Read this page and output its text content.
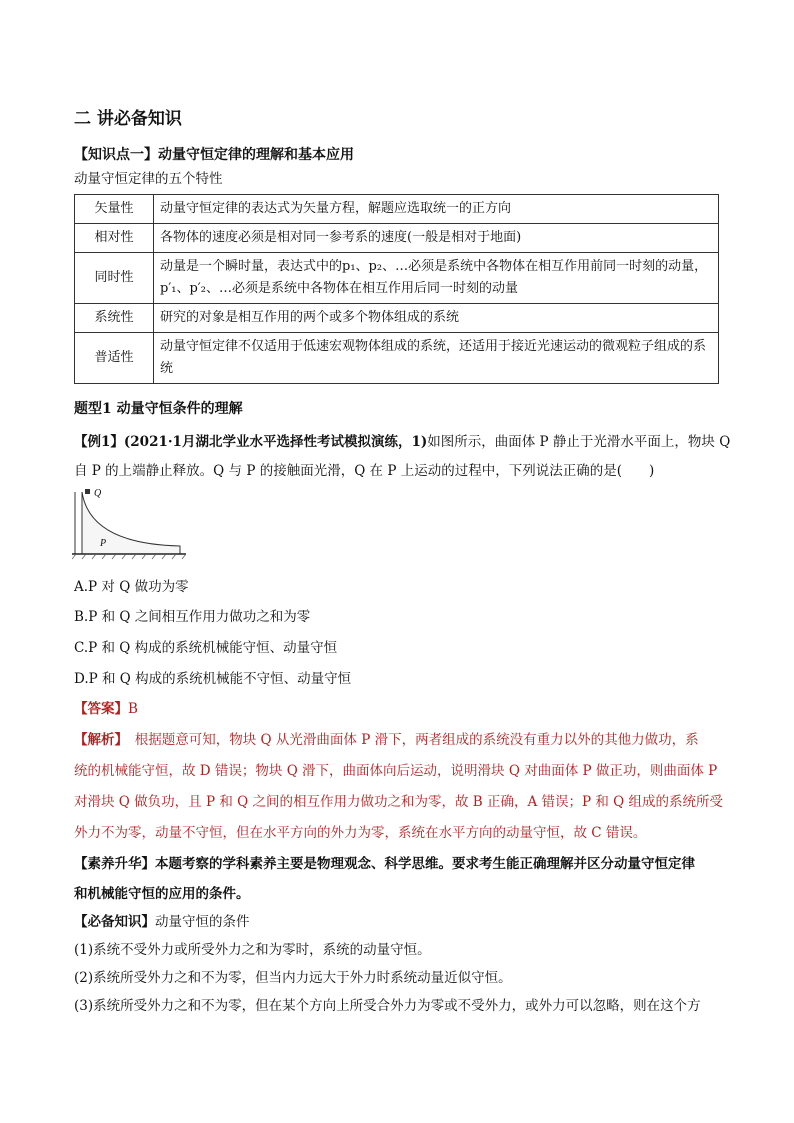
二 讲必备知识
【知识点一】动量守恒定律的理解和基本应用
动量守恒定律的五个特性
矢量性	动量守恒定律的表达式为矢量方程，解题应选取统一的正方向
相对性	各物体的速度必须是相对同一参考系的速度(一般是相对于地面)
同时性	动量是一个瞬时量，表达式中的p₁、p₂、…必须是系统中各物体在相互作用前同一时刻的动量，p′₁、p′₂、…必须是系统中各物体在相互作用后同一时刻的动量
系统性	研究的对象是相互作用的两个或多个物体组成的系统
普适性	动量守恒定律不仅适用于低速宏观物体组成的系统，还适用于接近光速运动的微观粒子组成的系统
题型1 动量守恒条件的理解
【例1】(2021·1月湖北学业水平选择性考试模拟演练，1)如图所示，曲面体 P 静止于光滑水平面上，物块 Q
自 P 的上端静止释放。Q 与 P 的接触面光滑，Q 在 P 上运动的过程中，下列说法正确的是(　　)
Q
P
A.P 对 Q 做功为零
B.P 和 Q 之间相互作用力做功之和为零
C.P 和 Q 构成的系统机械能守恒、动量守恒
D.P 和 Q 构成的系统机械能不守恒、动量守恒
【答案】B
【解析】　根据题意可知，物块 Q 从光滑曲面体 P 滑下，两者组成的系统没有重力以外的其他力做功，系
统的机械能守恒，故 D 错误；物块 Q 滑下，曲面体向后运动，说明滑块 Q 对曲面体 P 做正功，则曲面体 P
对滑块 Q 做负功，且 P 和 Q 之间的相互作用力做功之和为零，故 B 正确，A 错误；P 和 Q 组成的系统所受
外力不为零，动量不守恒，但在水平方向的外力为零，系统在水平方向的动量守恒，故 C 错误。
【素养升华】本题考察的学科素养主要是物理观念、科学思维。要求考生能正确理解并区分动量守恒定律
和机械能守恒的应用的条件。
【必备知识】动量守恒的条件
(1)系统不受外力或所受外力之和为零时，系统的动量守恒。
(2)系统所受外力之和不为零，但当内力远大于外力时系统动量近似守恒。
(3)系统所受外力之和不为零，但在某个方向上所受合外力为零或不受外力，或外力可以忽略，则在这个方
